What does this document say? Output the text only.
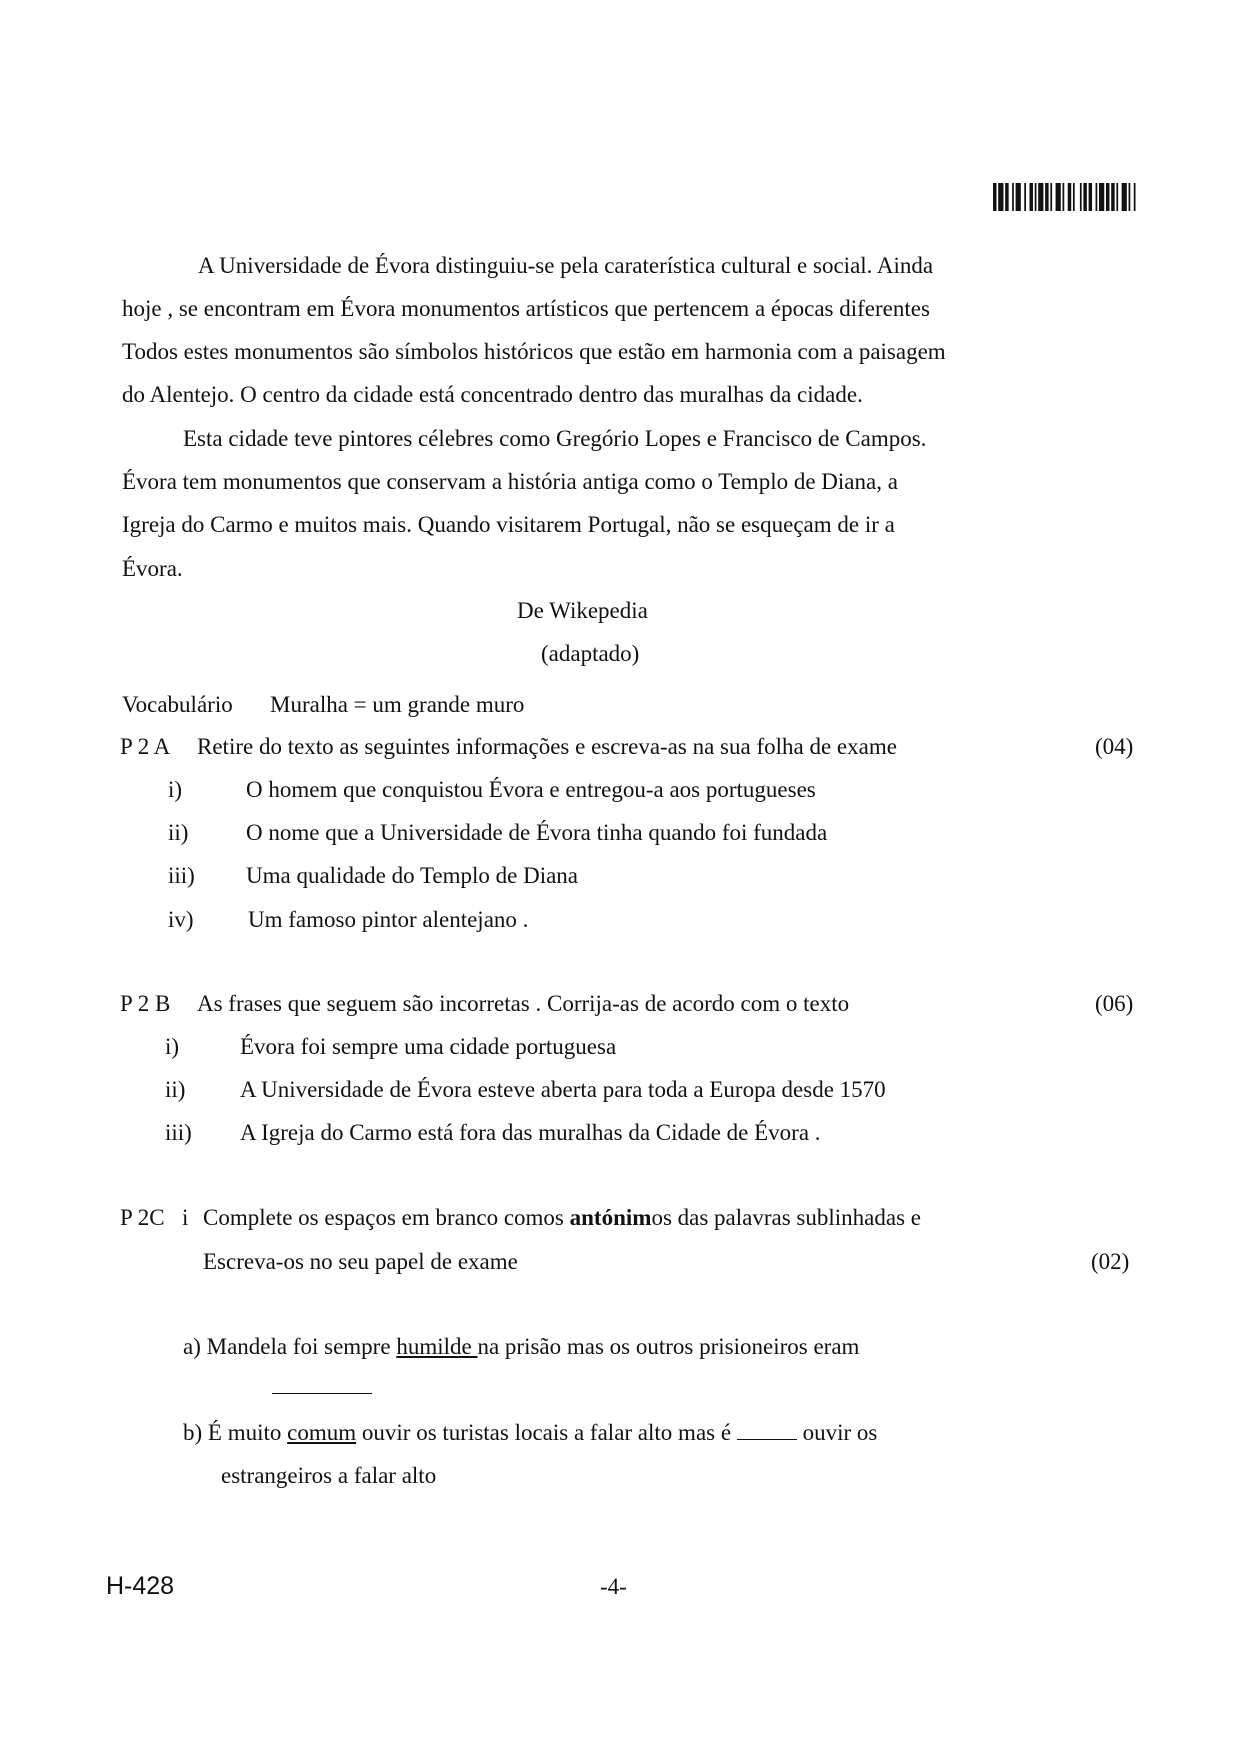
A Universidade de Évora distinguiu-se pela caraterística cultural e social. Ainda
hoje , se encontram em Évora monumentos artísticos que pertencem a épocas diferentes
Todos estes monumentos são símbolos históricos que estão em harmonia com a paisagem
do Alentejo. O centro da cidade está concentrado dentro das muralhas da cidade.
Esta cidade teve pintores célebres como Gregório Lopes e Francisco de Campos.
Évora tem monumentos que conservam a história antiga como o Templo de Diana, a
Igreja do Carmo e muitos mais. Quando visitarem Portugal, não se esqueçam de ir a
Évora.
De Wikepedia
(adaptado)
Vocabulário Muralha = um grande muro
P 2 A Retire do texto as seguintes informações e escreva-as na sua folha de exame	(04)
i)	O homem que conquistou Évora e entregou-a aos portugueses
ii)	O nome que a Universidade de Évora tinha quando foi fundada
iii) Uma qualidade do Templo de Diana
iv) Um famoso pintor alentejano .
P 2 B As frases que seguem são incorretas . Corrija-as de acordo com o texto	(06)
i)	Évora foi sempre uma cidade portuguesa
ii) A Universidade de Évora esteve aberta para toda a Europa desde 1570
iii) A Igreja do Carmo está fora das muralhas da Cidade de Évora .
P 2C i Complete os espaços em branco comos antónimos das palavras sublinhadas e
Escreva-os no seu papel de exame	(02)
a) Mandela foi sempre humilde na prisão mas os outros prisioneiros eram
b) É muito comum ouvir os turistas locais a falar alto mas é	ouvir os
estrangeiros a falar alto
H-428	-4-
